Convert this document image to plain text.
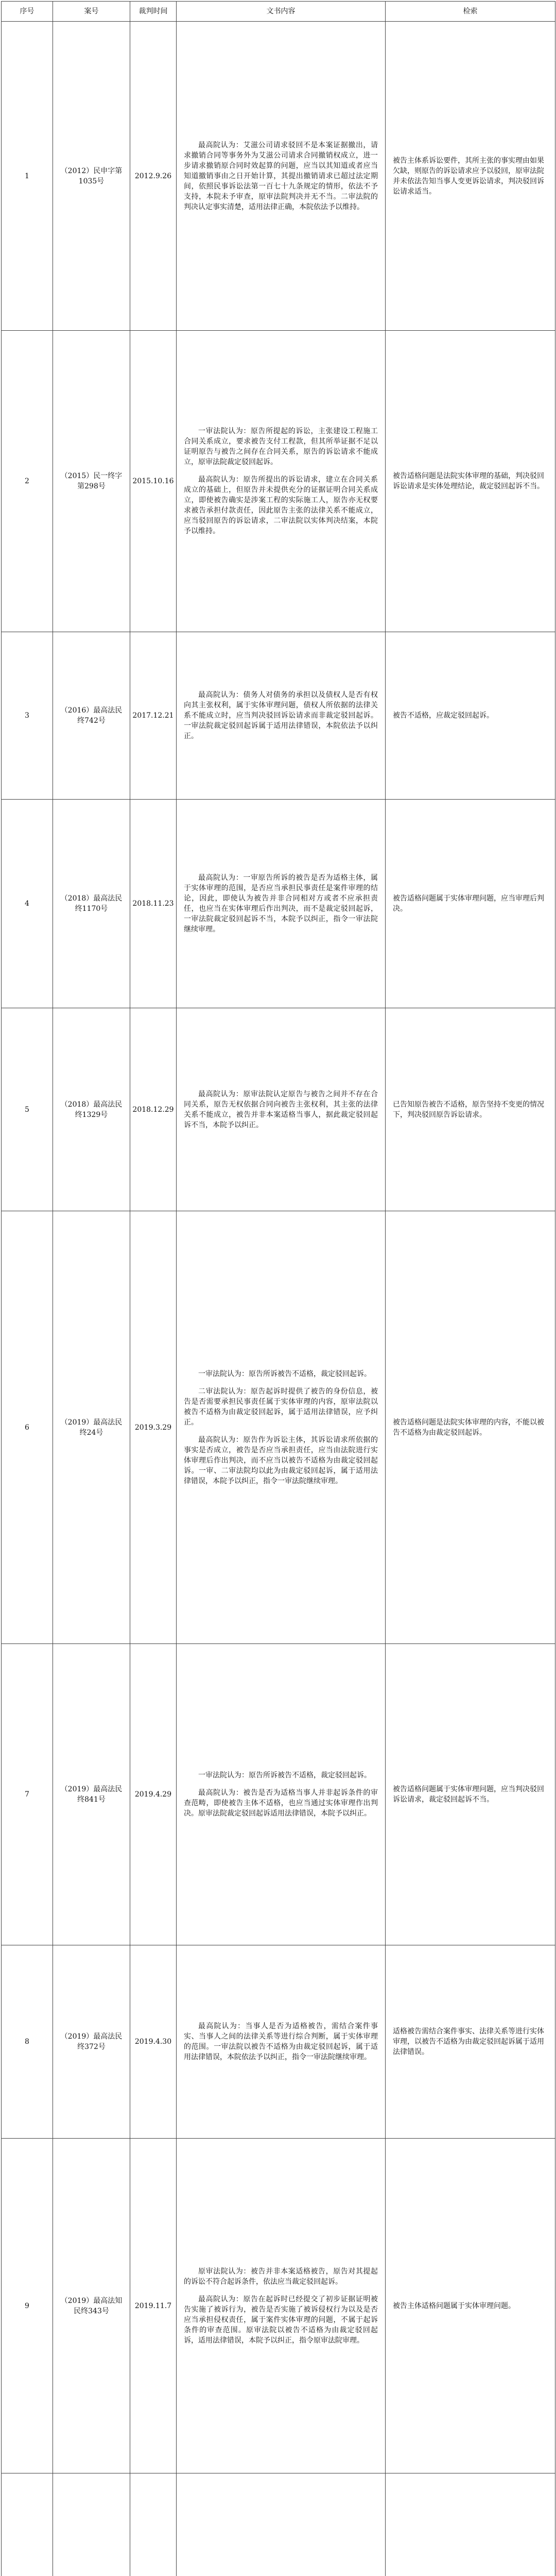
序号	案号	裁判时间	文书内容	检索
1	（2012）民申字第1035号	2012.9.26	最高院认为：艾滋公司请求驳回不是本案证据撤出，请求撤销合同等事务外为艾滋公司请求合同撤销权成立，进一步请求撤销原合同时效起算的问题，应当以其知道或者应当知道撤销事由之日开始计算，其提出撤销请求已超过法定期间，依照民事诉讼法第一百七十九条规定的情形，依法不予支持，本院未予审查，原审法院判决并无不当。二审法院的判决认定事实清楚，适用法律正确，本院依法予以维持。	被告主体系诉讼要件，其所主张的事实理由如果欠缺，则原告的诉讼请求应予以驳回，原审法院并未依法告知当事人变更诉讼请求，判决驳回诉讼请求适当。
2	（2015）民一终字第298号	2015.10.16	一审法院认为：原告所提起的诉讼，主张建设工程施工合同关系成立，要求被告支付工程款，但其所举证据不足以证明原告与被告之间存在合同关系，原告的诉讼请求不能成立，原审法院裁定驳回起诉。

最高院认为：原告所提出的诉讼请求，建立在合同关系成立的基础上，但原告并未提供充分的证据证明合同关系成立，即使被告确实是涉案工程的实际施工人，原告亦无权要求被告承担付款责任，因此原告主张的法律关系不能成立，应当驳回原告的诉讼请求，二审法院以实体判决结案，本院予以维持。	被告适格问题是法院实体审理的基础，判决驳回诉讼请求是实体处理结论，裁定驳回起诉不当。
3	（2016）最高法民终742号	2017.12.21	最高院认为：债务人对债务的承担以及债权人是否有权向其主张权利，属于实体审理问题，债权人所依据的法律关系不能成立时，应当判决驳回诉讼请求而非裁定驳回起诉。一审法院裁定驳回起诉属于适用法律错误，本院依法予以纠正。	被告不适格，应裁定驳回起诉。
4	（2018）最高法民终1170号	2018.11.23	最高院认为：一审原告所诉的被告是否为适格主体，属于实体审理的范围，是否应当承担民事责任是案件审理的结论，因此，即使认为被告并非合同相对方或者不应承担责任，也应当在实体审理后作出判决，而不是裁定驳回起诉，一审法院裁定驳回起诉不当，本院予以纠正，指令一审法院继续审理。	被告适格问题属于实体审理问题，应当审理后判决。
5	（2018）最高法民终1329号	2018.12.29	最高院认为：原审法院认定原告与被告之间并不存在合同关系，原告无权依据合同向被告主张权利，其主张的法律关系不能成立，被告并非本案适格当事人，据此裁定驳回起诉不当，本院予以纠正。	已告知原告被告不适格，原告坚持不变更的情况下，判决驳回原告诉讼请求。
6	（2019）最高法民终24号	2019.3.29	一审法院认为：原告所诉被告不适格，裁定驳回起诉。

二审法院认为：原告起诉时提供了被告的身份信息，被告是否需要承担民事责任属于实体审理的内容，原审法院以被告不适格为由裁定驳回起诉，属于适用法律错误，应予纠正。

最高院认为：原告作为诉讼主体，其诉讼请求所依据的事实是否成立，被告是否应当承担责任，应当由法院进行实体审理后作出判决，而不应当以被告不适格为由裁定驳回起诉。一审、二审法院均以此为由裁定驳回起诉，属于适用法律错误，本院予以纠正，指令一审法院继续审理。	被告适格问题是法院实体审理的内容，不能以被告不适格为由裁定驳回起诉。
7	（2019）最高法民终841号	2019.4.29	一审法院认为：原告所诉被告不适格，裁定驳回起诉。

最高院认为：被告是否为适格当事人并非起诉条件的审查范畴，即使被告主体不适格，也应当通过实体审理作出判决。原审法院裁定驳回起诉适用法律错误，本院予以纠正。	被告适格问题属于实体审理问题，应当判决驳回诉讼请求，裁定驳回起诉不当。
8	（2019）最高法民终372号	2019.4.30	最高院认为：当事人是否为适格被告，需结合案件事实、当事人之间的法律关系等进行综合判断，属于实体审理的范围。一审法院以被告不适格为由裁定驳回起诉，属于适用法律错误，本院依法予以纠正，指令一审法院继续审理。	适格被告需结合案件事实、法律关系等进行实体审理，以被告不适格为由裁定驳回起诉属于适用法律错误。
9	（2019）最高法知民终343号	2019.11.7	原审法院认为：被告并非本案适格被告，原告对其提起的诉讼不符合起诉条件，依法应当裁定驳回起诉。

最高院认为：原告在起诉时已经提交了初步证据证明被告实施了被诉行为，被告是否实施了被诉侵权行为以及是否应当承担侵权责任，属于案件实体审理的问题，不属于起诉条件的审查范围。原审法院以被告不适格为由裁定驳回起诉，适用法律错误，本院予以纠正，指令原审法院审理。	被告主体适格问题属于实体审理问题。
